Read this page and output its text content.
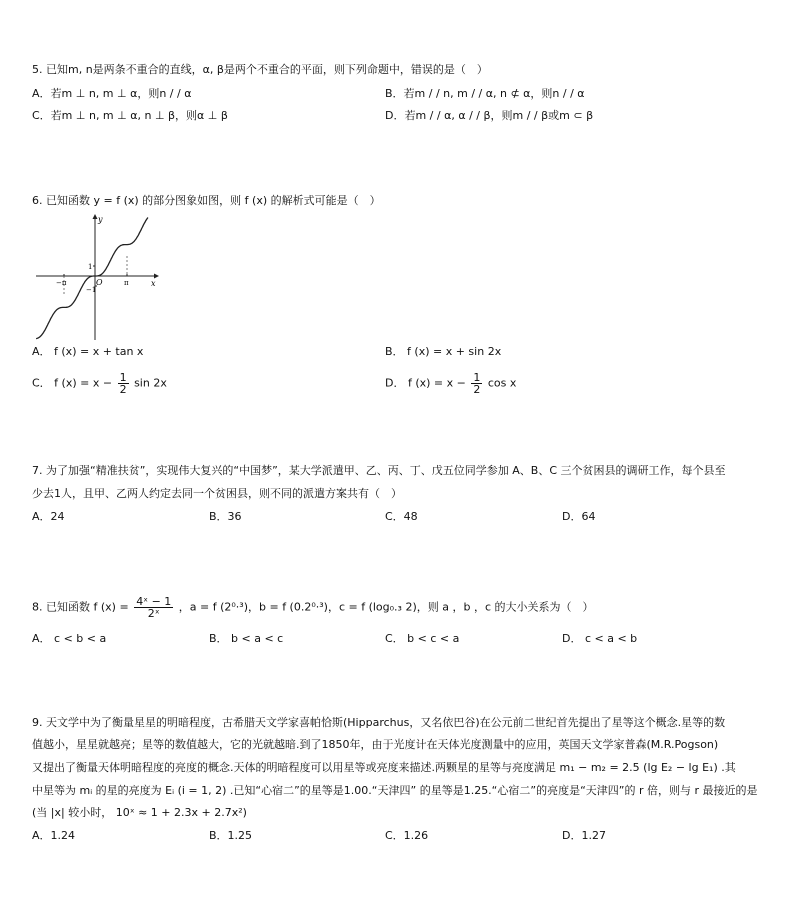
5. 已知m, n是两条不重合的直线，α, β是两个不重合的平面，则下列命题中，错误的是（　）
A．若m ⊥ n, m ⊥ α，则n / / α	B．若m / / n, m / / α, n ⊄ α，则n / / α
C．若m ⊥ n, m ⊥ α, n ⊥ β，则α ⊥ β	D．若m / / α, α / / β，则m / / β或m ⊂ β
6. 已知函数 y = f (x) 的部分图象如图，则 f (x) 的解析式可能是（　）
y
x
O
1
−1
π
−π
A． f (x) = x + tan x	B． f (x) = x + sin 2x
C． f $(x) = x - \frac{1}{2}$ sin 2x	D． f $(x) = x - \frac{1}{2}$ cos x
7. 为了加强“精准扶贫”，实现伟大复兴的“中国梦”，某大学派遣甲、乙、丙、丁、戊五位同学参加 A、B、C 三个贫困县的调研工作，每个县至
少去1人，且甲、乙两人约定去同一个贫困县，则不同的派遣方案共有（　）
A．24	B．36	C．48	D．64
8. 已知函数 f $(x) = \frac{\text{4ˣ − 1}}{\text{2ˣ}}$ ，a = f (2⁰·³)，b = f (0.2⁰·³)，c = f (log₀.₃ 2)，则 a ，b ，c 的大小关系为（　）
A． c < b < a	B． b < a < c	C． b < c < a	D． c < a < b
9. 天文学中为了衡量星星的明暗程度，古希腊天文学家喜帕恰斯(Hipparchus，又名依巴谷)在公元前二世纪首先提出了星等这个概念.星等的数
值越小，星星就越亮；星等的数值越大，它的光就越暗.到了1850年，由于光度计在天体光度测量中的应用，英国天文学家普森(M.R.Pogson)
又提出了衡量天体明暗程度的亮度的概念.天体的明暗程度可以用星等或亮度来描述.两颗星的星等与亮度满足 m₁ − m₂ = 2.5 (lg E₂ − lg E₁) .其
中星等为 mᵢ 的星的亮度为 Eᵢ (i = 1, 2) .已知“心宿二”的星等是1.00.“天津四” 的星等是1.25.“心宿二”的亮度是“天津四”的 r 倍，则与 r 最接近的是
(当 |x| 较小时， 10ˣ ≈ 1 + 2.3x + 2.7x²)
A．1.24	B．1.25	C．1.26	D．1.27
